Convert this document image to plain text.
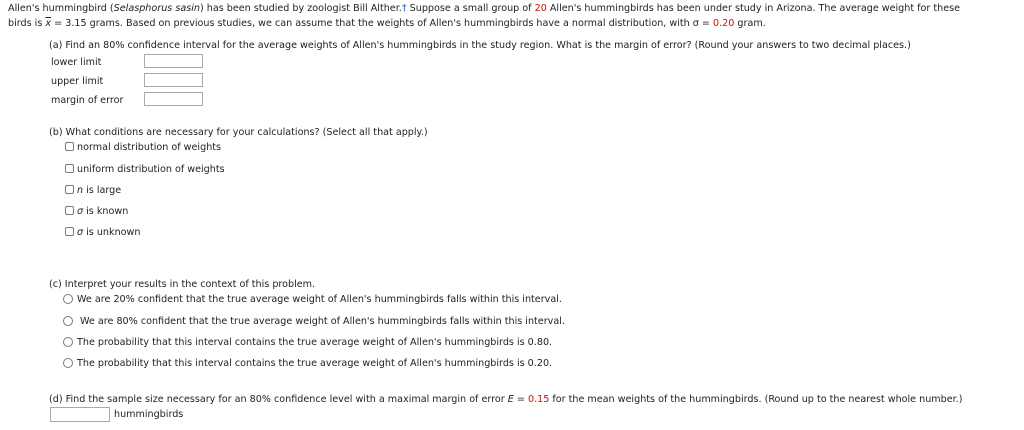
Allen's hummingbird (Selasphorus sasin) has been studied by zoologist Bill Alther.† Suppose a small group of 20 Allen's hummingbirds has been under study in Arizona. The average weight for these
birds is $\overline{x} = 3.15$ grams. Based on previous studies, we can assume that the weights of Allen's hummingbirds have a normal distribution, with σ = 0.20 gram.
(a) Find an 80% confidence interval for the average weights of Allen's hummingbirds in the study region. What is the margin of error? (Round your answers to two decimal places.)
lower limit
upper limit
margin of error
(b) What conditions are necessary for your calculations? (Select all that apply.)
normal distribution of weights
uniform distribution of weights
n is large
σ is known
σ is unknown
(c) Interpret your results in the context of this problem.
We are 20% confident that the true average weight of Allen's hummingbirds falls within this interval.
We are 80% confident that the true average weight of Allen's hummingbirds falls within this interval.
The probability that this interval contains the true average weight of Allen's hummingbirds is 0.80.
The probability that this interval contains the true average weight of Allen's hummingbirds is 0.20.
(d) Find the sample size necessary for an 80% confidence level with a maximal margin of error E = 0.15 for the mean weights of the hummingbirds. (Round up to the nearest whole number.)
hummingbirds
